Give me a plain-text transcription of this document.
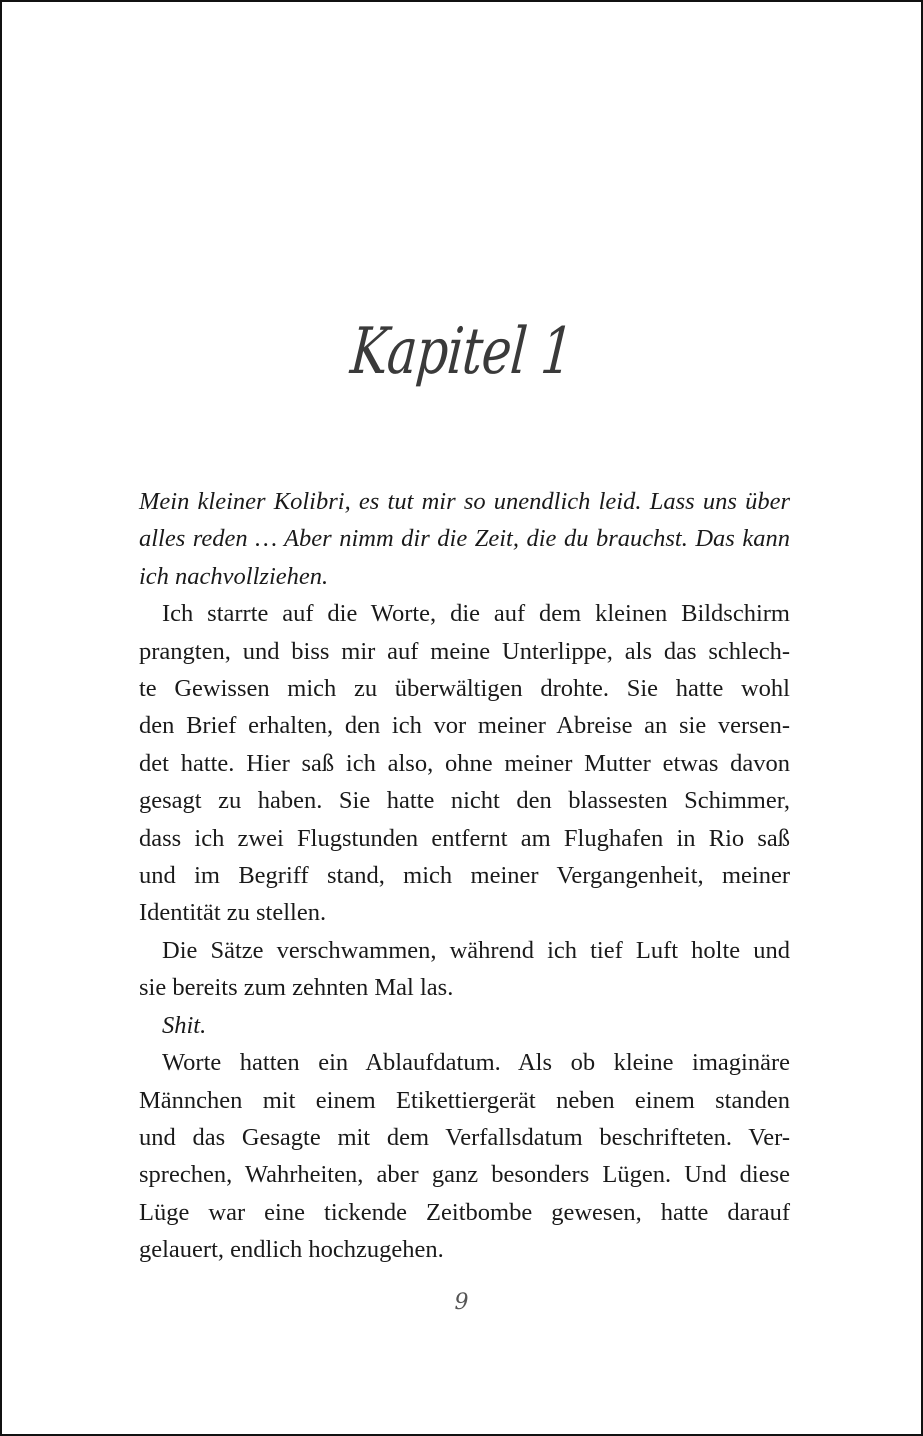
Kapitel 1

Mein kleiner Kolibri, es tut mir so unendlich leid. Lass uns über
alles reden … Aber nimm dir die Zeit, die du brauchst. Das kann
ich nachvollziehen.

Ich starrte auf die Worte, die auf dem kleinen Bildschirm
prangten, und biss mir auf meine Unterlippe, als das schlech-
te Gewissen mich zu überwältigen drohte. Sie hatte wohl
den Brief erhalten, den ich vor meiner Abreise an sie versen-
det hatte. Hier saß ich also, ohne meiner Mutter etwas davon
gesagt zu haben. Sie hatte nicht den blassesten Schimmer,
dass ich zwei Flugstunden entfernt am Flughafen in Rio saß
und im Begriff stand, mich meiner Vergangenheit, meiner
Identität zu stellen.

Die Sätze verschwammen, während ich tief Luft holte und
sie bereits zum zehnten Mal las.

Shit.

Worte hatten ein Ablaufdatum. Als ob kleine imaginäre
Männchen mit einem Etikettiergerät neben einem standen
und das Gesagte mit dem Verfallsdatum beschrifteten. Ver-
sprechen, Wahrheiten, aber ganz besonders Lügen. Und diese
Lüge war eine tickende Zeitbombe gewesen, hatte darauf
gelauert, endlich hochzugehen.

9
